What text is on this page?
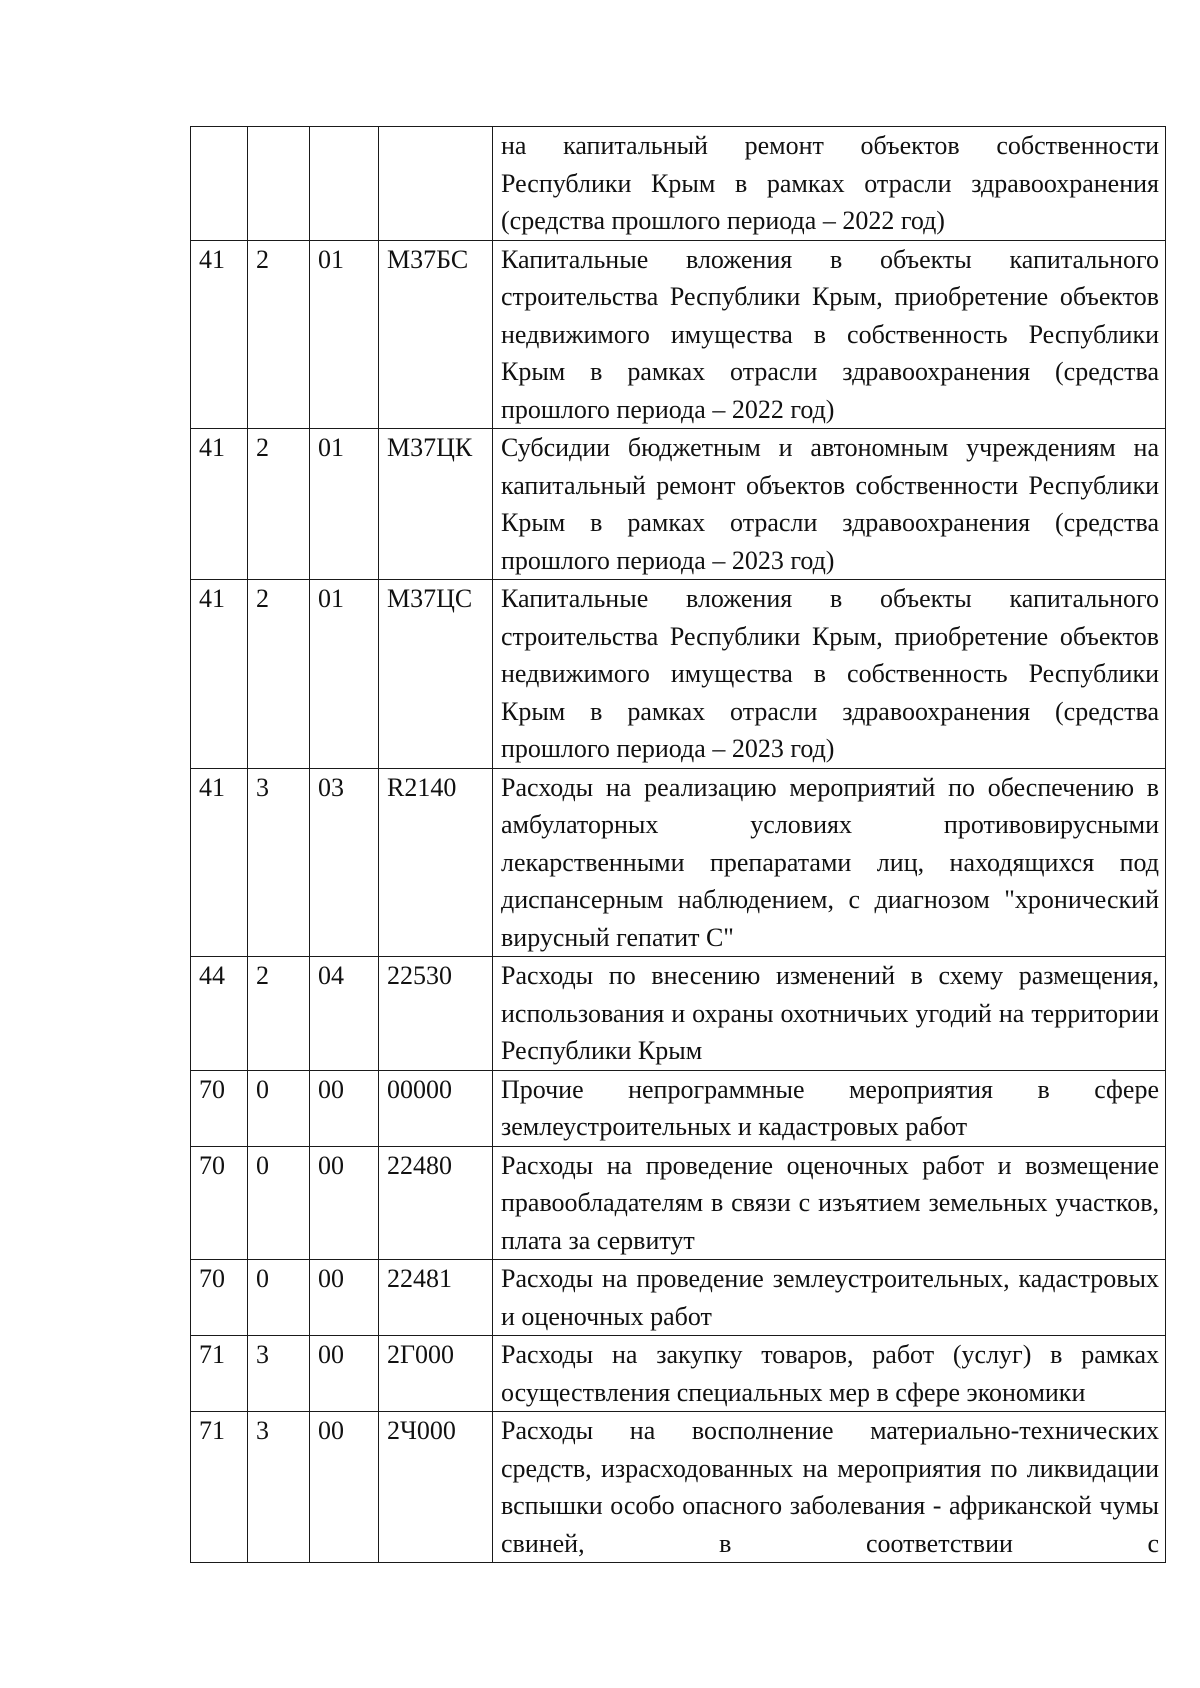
				на капитальный ремонт объектов собственности Республики Крым в рамках отрасли здравоохранения (средства прошлого периода – 2022 год)
41	2	01	М37БС	Капитальные вложения в объекты капитального строительства Республики Крым, приобретение объектов недвижимого имущества в собственность Республики Крым в рамках отрасли здравоохранения (средства прошлого периода – 2022 год)
41	2	01	М37ЦК	Субсидии бюджетным и автономным учреждениям на капитальный ремонт объектов собственности Республики Крым в рамках отрасли здравоохранения (средства прошлого периода – 2023 год)
41	2	01	М37ЦС	Капитальные вложения в объекты капитального строительства Республики Крым, приобретение объектов недвижимого имущества в собственность Республики Крым в рамках отрасли здравоохранения (средства прошлого периода – 2023 год)
41	3	03	R2140	Расходы на реализацию мероприятий по обеспечению в амбулаторных условиях противовирусными лекарственными препаратами лиц, находящихся под диспансерным наблюдением, с диагнозом "хронический вирусный гепатит С"
44	2	04	22530	Расходы по внесению изменений в схему размещения, использования и охраны охотничьих угодий на территории Республики Крым
70	0	00	00000	Прочие непрограммные мероприятия в сфере землеустроительных и кадастровых работ
70	0	00	22480	Расходы на проведение оценочных работ и возмещение правообладателям в связи с изъятием земельных участков, плата за сервитут
70	0	00	22481	Расходы на проведение землеустроительных, кадастровых и оценочных работ
71	3	00	2Г000	Расходы на закупку товаров, работ (услуг) в рамках осуществления специальных мер в сфере экономики
71	3	00	2Ч000	Расходы на восполнение материально-технических средств, израсходованных на мероприятия по ликвидации вспышки особо опасного заболевания - африканской чумы свиней, в соответствии с
